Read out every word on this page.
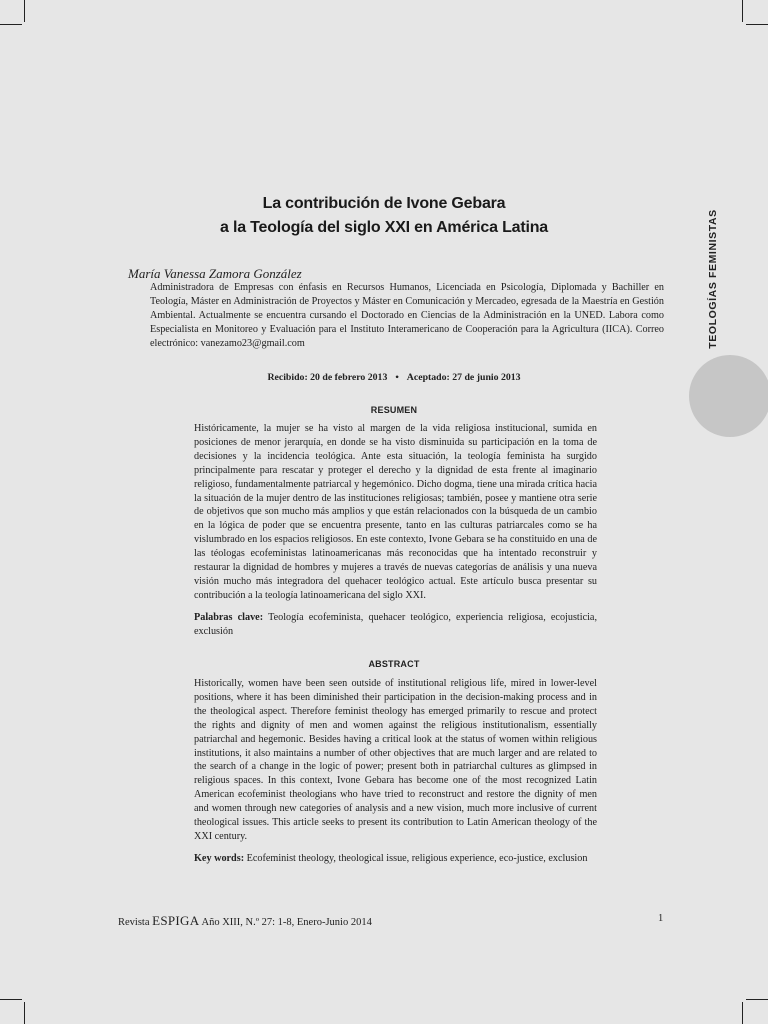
La contribución de Ivone Gebara
a la Teología del siglo XXI en América Latina
María Vanessa Zamora González
Administradora de Empresas con énfasis en Recursos Humanos, Licenciada en Psicología, Diplomada y Bachiller en Teología, Máster en Administración de Proyectos y Máster en Comunicación y Mercadeo, egresada de la Maestría en Gestión Ambiental. Actualmente se encuentra cursando el Doctorado en Ciencias de la Administración en la UNED. Labora como Especialista en Monitoreo y Evaluación para el Instituto Interamericano de Cooperación para la Agricultura (IICA). Correo electrónico: vanezamo23@gmail.com
Recibido: 20 de febrero 2013 • Aceptado: 27 de junio 2013
RESUMEN
Históricamente, la mujer se ha visto al margen de la vida religiosa institucional, sumida en posiciones de menor jerarquía, en donde se ha visto disminuida su participación en la toma de decisiones y la incidencia teológica. Ante esta situación, la teología feminista ha surgido principalmente para rescatar y proteger el derecho y la dignidad de esta frente al imaginario religioso, fundamentalmente patriarcal y hegemónico. Dicho dogma, tiene una mirada crítica hacia la situación de la mujer dentro de las instituciones religiosas; también, posee y mantiene otra serie de objetivos que son mucho más amplios y que están relacionados con la búsqueda de un cambio en la lógica de poder que se encuentra presente, tanto en las culturas patriarcales como se ha vislumbrado en los espacios religiosos. En este contexto, Ivone Gebara se ha constituido en una de las téologas ecofeministas latinoamericanas más reconocidas que ha intentado reconstruir y restaurar la dignidad de hombres y mujeres a través de nuevas categorías de análisis y una nueva visión mucho más integradora del quehacer teológico actual. Este artículo busca presentar su contribución a la teología latinoamericana del siglo XXI.
Palabras clave: Teología ecofeminista, quehacer teológico, experiencia religiosa, ecojusticia, exclusión
ABSTRACT
Historically, women have been seen outside of institutional religious life, mired in lower-level positions, where it has been diminished their participation in the decision-making process and in the theological aspect. Therefore feminist theology has emerged primarily to rescue and protect the rights and dignity of men and women against the religious institutionalism, essentially patriarchal and hegemonic. Besides having a critical look at the status of women within religious institutions, it also maintains a number of other objectives that are much larger and are related to the search of a change in the logic of power; present both in patriarchal cultures as glimpsed in religious spaces. In this context, Ivone Gebara has become one of the most recognized Latin American ecofeminist theologians who have tried to reconstruct and restore the dignity of men and women through new categories of analysis and a new vision, much more inclusive of current theological issues. This article seeks to present its contribution to Latin American theology of the XXI century.
Key words: Ecofeminist theology, theological issue, religious experience, eco-justice, exclusion
TEOLOGÍAS FEMINISTAS
Revista ESPIGA Año XIII, N.º 27: 1-8, Enero-Junio 2014	1
